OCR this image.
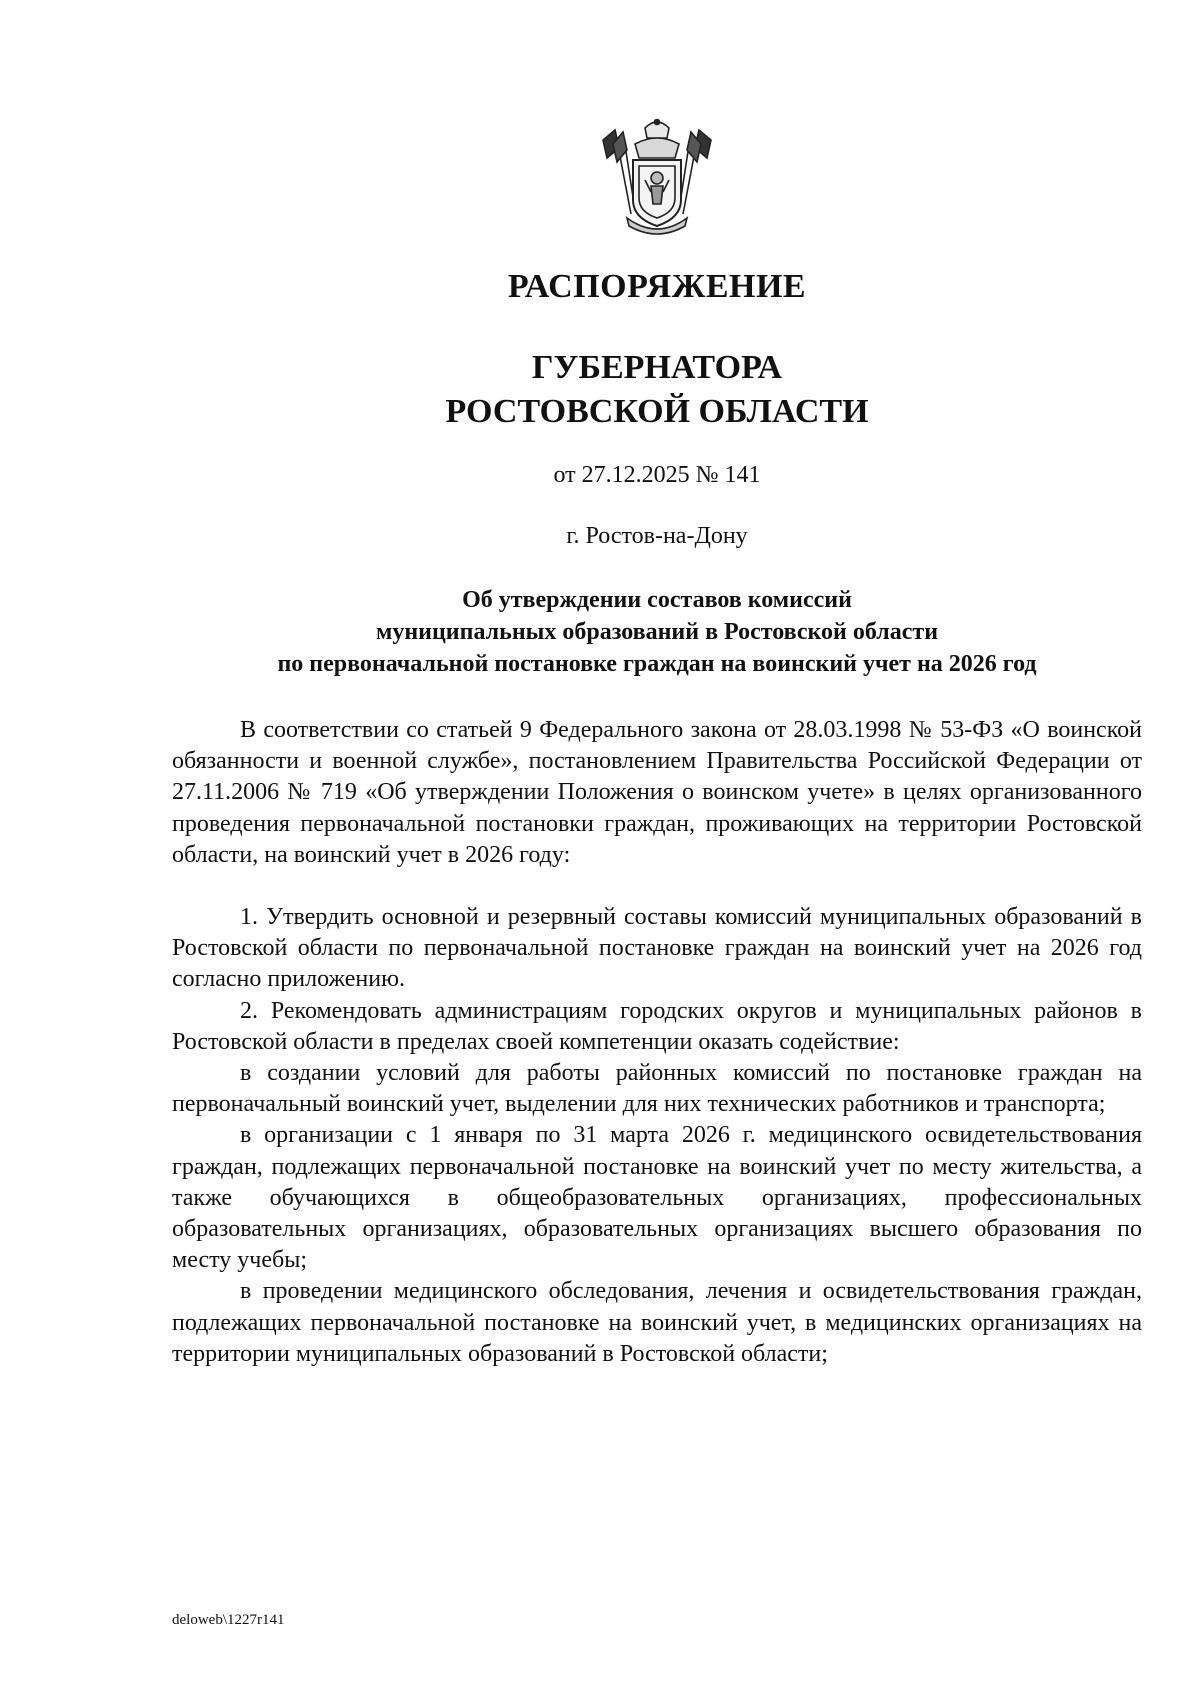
РАСПОРЯЖЕНИЕ
ГУБЕРНАТОРА
РОСТОВСКОЙ ОБЛАСТИ
от 27.12.2025 № 141
г. Ростов-на-Дону
Об утверждении составов комиссий
муниципальных образований в Ростовской области
по первоначальной постановке граждан на воинский учет на 2026 год

В соответствии со статьей 9 Федерального закона от 28.03.1998 № 53-ФЗ «О воинской обязанности и военной службе», постановлением Правительства Российской Федерации от 27.11.2006 № 719 «Об утверждении Положения о воинском учете» в целях организованного проведения первоначальной постановки граждан, проживающих на территории Ростовской области, на воинский учет в 2026 году:

1. Утвердить основной и резервный составы комиссий муниципальных образований в Ростовской области по первоначальной постановке граждан на воинский учет на 2026 год согласно приложению.

2. Рекомендовать администрациям городских округов и муниципальных районов в Ростовской области в пределах своей компетенции оказать содействие:

в создании условий для работы районных комиссий по постановке граждан на первоначальный воинский учет, выделении для них технических работников и транспорта;

в организации с 1 января по 31 марта 2026 г. медицинского освидетельствования граждан, подлежащих первоначальной постановке на воинский учет по месту жительства, а также обучающихся в общеобразовательных организациях, профессиональных образовательных организациях, образовательных организациях высшего образования по месту учебы;

в проведении медицинского обследования, лечения и освидетельствования граждан, подлежащих первоначальной постановке на воинский учет, в медицинских организациях на территории муниципальных образований в Ростовской области;

deloweb\1227r141
